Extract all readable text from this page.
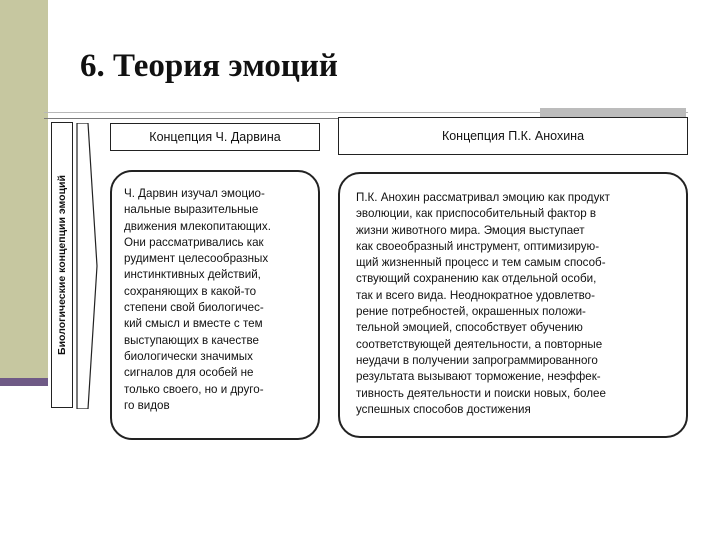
6. Теория эмоций
Биологические концепции эмоций
Концепция Ч. Дарвина	Концепция П.К. Анохина
Ч. Дарвин изучал эмоцио-
нальные выразительные
движения млекопитающих.
Они рассматривались как
рудимент целесообразных
инстинктивных действий,
сохраняющих в какой-то
степени свой биологичес-
кий смысл и вместе с тем
выступающих в качестве
биологически значимых
сигналов для особей не
только своего, но и друго-
го видов
П.К. Анохин рассматривал эмоцию как продукт
эволюции, как приспособительный фактор в
жизни животного мира. Эмоция выступает
как своеобразный инструмент, оптимизирую-
щий жизненный процесс и тем самым способ-
ствующий сохранению как отдельной особи,
так и всего вида. Неоднократное удовлетво-
рение потребностей, окрашенных положи-
тельной эмоцией, способствует обучению
соответствующей деятельности, а повторные
неудачи в получении запрограммированного
результата вызывают торможение, неэффек-
тивность деятельности и поиски новых, более
успешных способов достижения
